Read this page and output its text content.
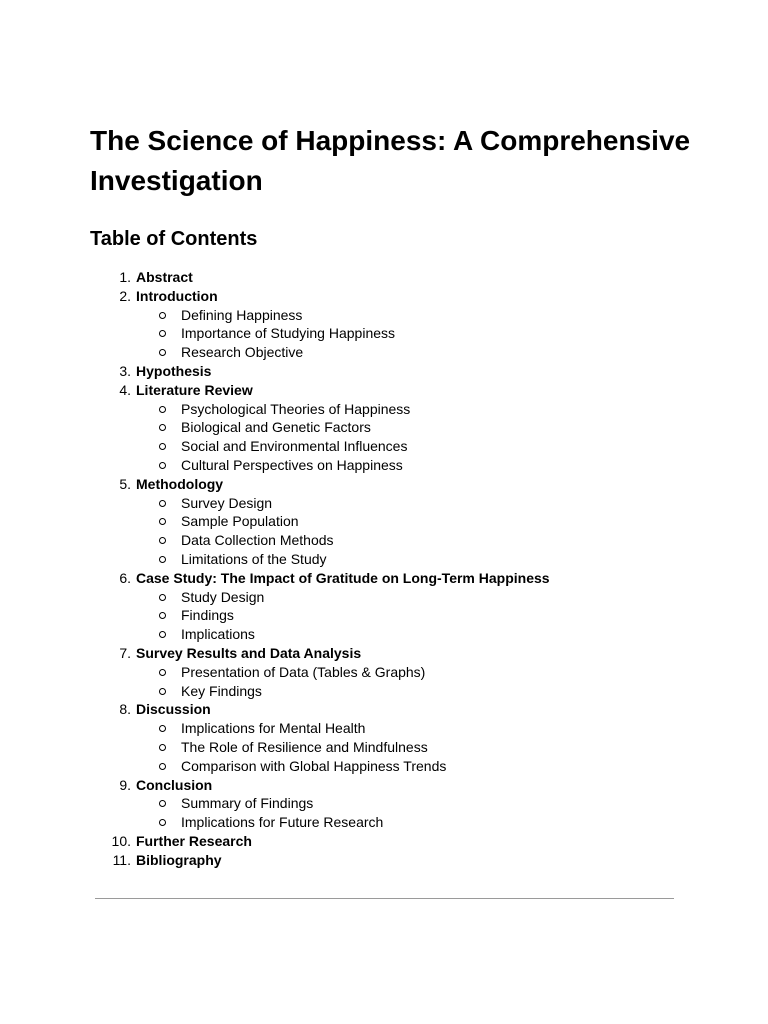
The Science of Happiness: A Comprehensive Investigation
Table of Contents
1. Abstract
2. Introduction
Defining Happiness
Importance of Studying Happiness
Research Objective
3. Hypothesis
4. Literature Review
Psychological Theories of Happiness
Biological and Genetic Factors
Social and Environmental Influences
Cultural Perspectives on Happiness
5. Methodology
Survey Design
Sample Population
Data Collection Methods
Limitations of the Study
6. Case Study: The Impact of Gratitude on Long-Term Happiness
Study Design
Findings
Implications
7. Survey Results and Data Analysis
Presentation of Data (Tables & Graphs)
Key Findings
8. Discussion
Implications for Mental Health
The Role of Resilience and Mindfulness
Comparison with Global Happiness Trends
9. Conclusion
Summary of Findings
Implications for Future Research
10. Further Research
11. Bibliography
